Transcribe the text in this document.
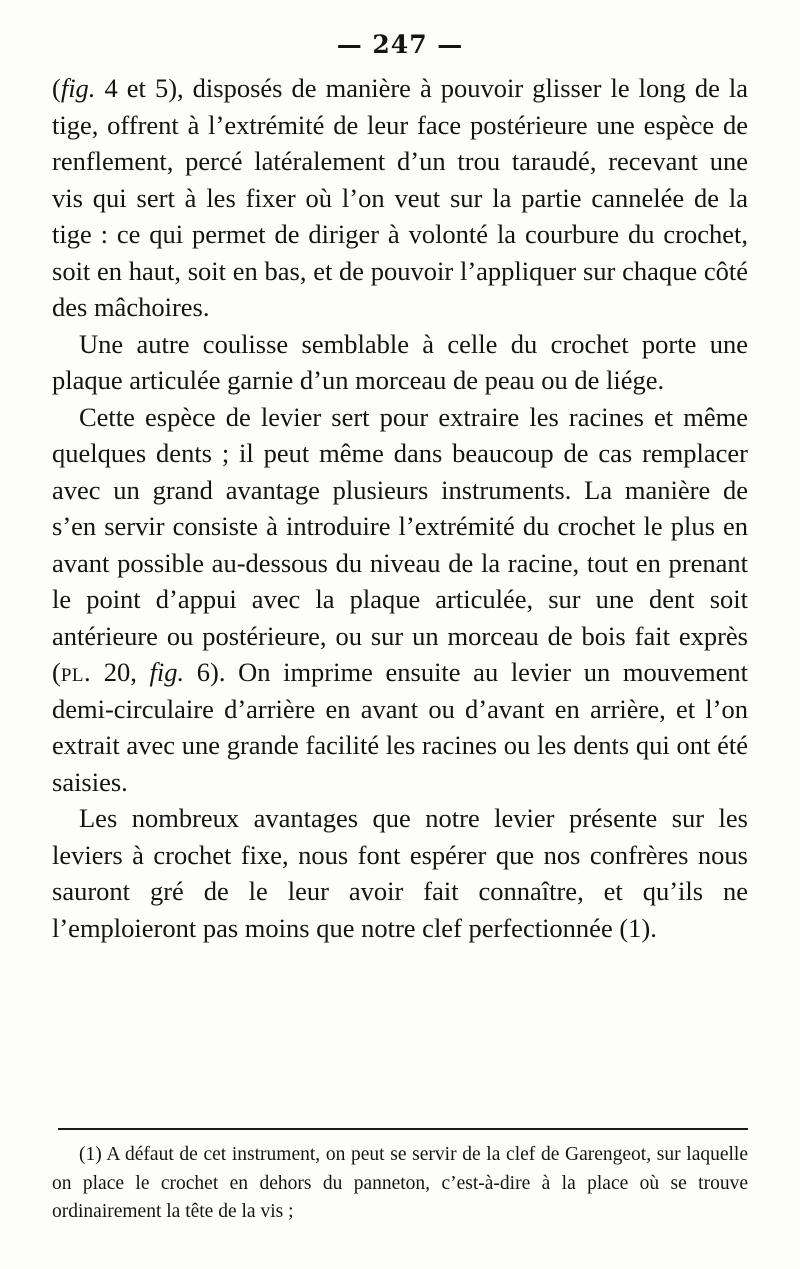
— 247 —

(fig. 4 et 5), disposés de manière à pouvoir glisser le long de la tige, offrent à l’extrémité de leur face postérieure une espèce de renflement, percé latéralement d’un trou taraudé, recevant une vis qui sert à les fixer où l’on veut sur la partie cannelée de la tige : ce qui permet de diriger à volonté la courbure du crochet, soit en haut, soit en bas, et de pouvoir l’appliquer sur chaque côté des mâchoires.

Une autre coulisse semblable à celle du crochet porte une plaque articulée garnie d’un morceau de peau ou de liége.

Cette espèce de levier sert pour extraire les racines et même quelques dents ; il peut même dans beaucoup de cas remplacer avec un grand avantage plusieurs instruments. La manière de s’en servir consiste à introduire l’extrémité du crochet le plus en avant possible au-dessous du niveau de la racine, tout en prenant le point d’appui avec la plaque articulée, sur une dent soit antérieure ou postérieure, ou sur un morceau de bois fait exprès (pl. 20, fig. 6). On imprime ensuite au levier un mouvement demi-circulaire d’arrière en avant ou d’avant en arrière, et l’on extrait avec une grande facilité les racines ou les dents qui ont été saisies.

Les nombreux avantages que notre levier présente sur les leviers à crochet fixe, nous font espérer que nos confrères nous sauront gré de le leur avoir fait connaître, et qu’ils ne l’emploieront pas moins que notre clef perfectionnée (1).

(1) A défaut de cet instrument, on peut se servir de la clef de Garengeot, sur laquelle on place le crochet en dehors du panneton, c’est-à-dire à la place où se trouve ordinairement la tête de la vis ;
